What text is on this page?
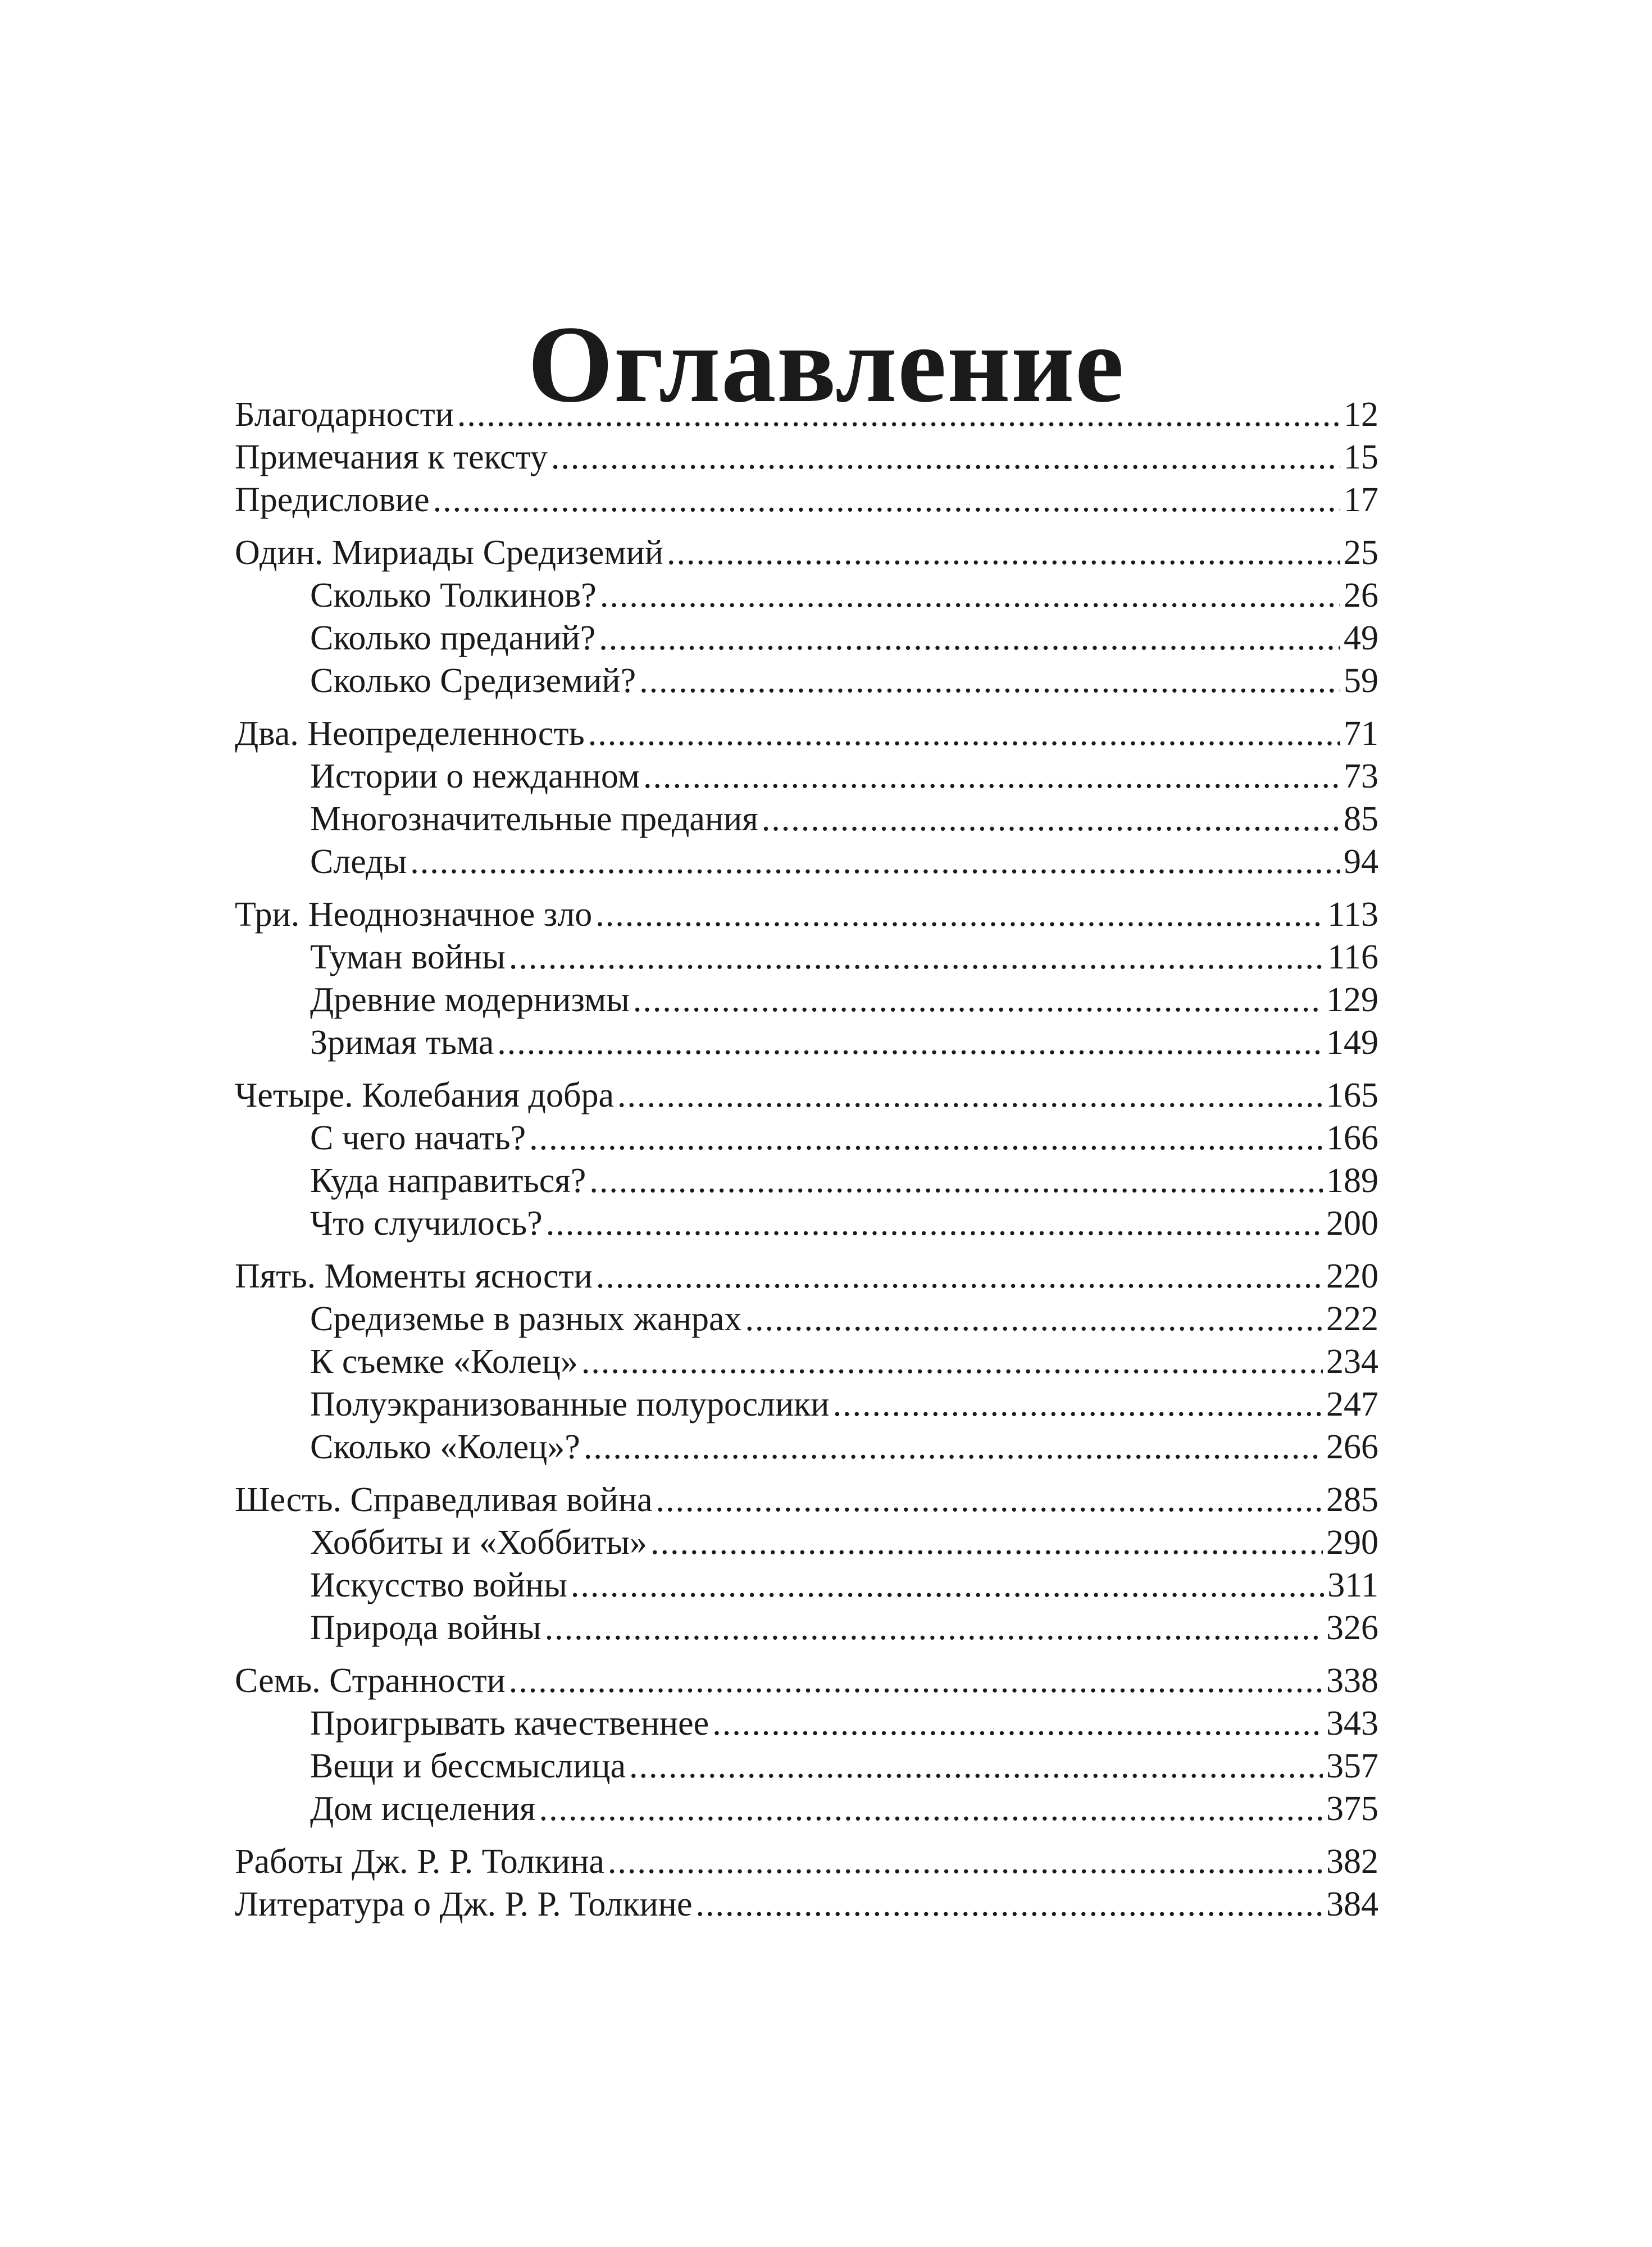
Оглавление
Благодарности .....	12
Примечания к тексту .....	15
Предисловие .....	17
Один. Мириады Средиземий .....	25
Сколько Толкинов? .....	26
Сколько преданий? .....	49
Сколько Средиземий? .....	59
Два. Неопределенность .....	71
Истории о нежданном .....	73
Многозначительные предания .....	85
Следы .....	94
Три. Неоднозначное зло .....	113
Туман войны .....	116
Древние модернизмы .....	129
Зримая тьма .....	149
Четыре. Колебания добра .....	165
С чего начать? .....	166
Куда направиться? .....	189
Что случилось? .....	200
Пять. Моменты ясности .....	220
Средиземье в разных жанрах .....	222
К съемке «Колец» .....	234
Полуэкранизованные полурослики .....	247
Сколько «Колец»? .....	266
Шесть. Справедливая война .....	285
Хоббиты и «Хоббиты» .....	290
Искусство войны .....	311
Природа войны .....	326
Семь. Странности .....	338
Проигрывать качественнее .....	343
Вещи и бессмыслица .....	357
Дом исцеления .....	375
Работы Дж. Р. Р. Толкина .....	382
Литература о Дж. Р. Р. Толкине .....	384
